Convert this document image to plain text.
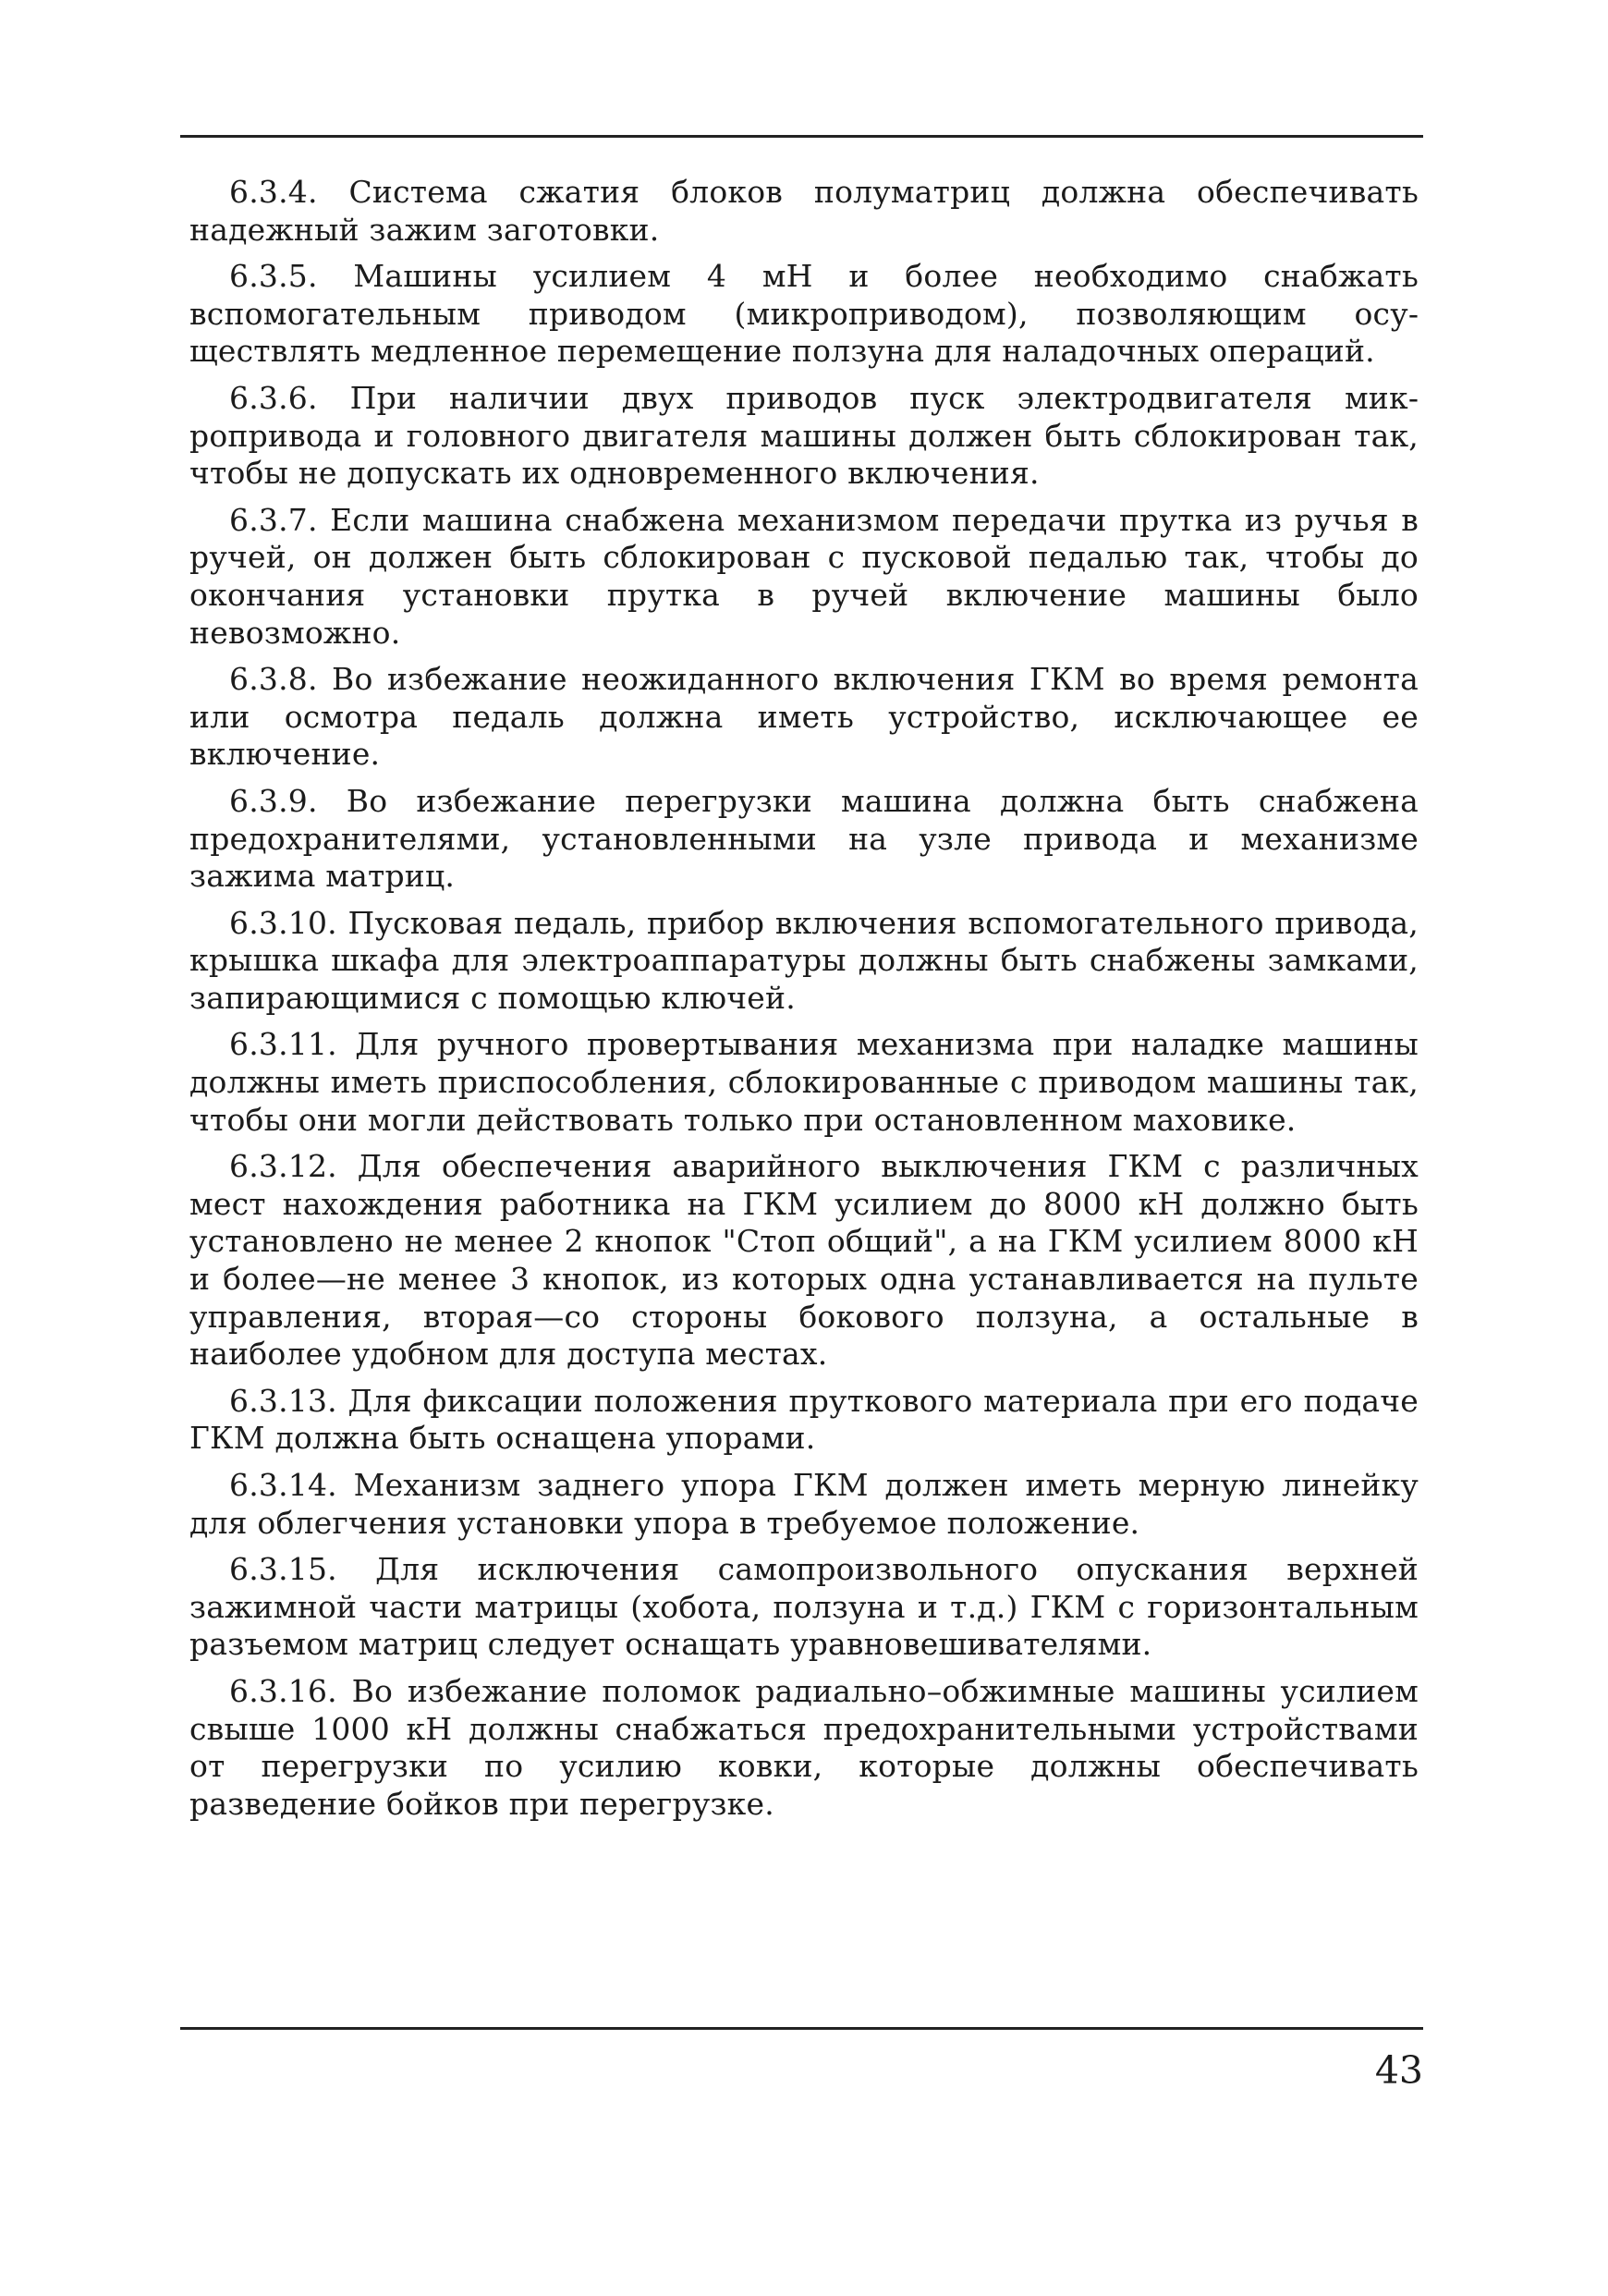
6.3.4. Система сжатия блоков полуматриц должна обеспечивать надежный зажим заготовки.

6.3.5. Машины усилием 4 мН и более необходимо снабжать вспомогательным приводом (микроприводом), позволяющим осуществлять медленное перемещение ползуна для наладочных операций.

6.3.6. При наличии двух приводов пуск электродвигателя микропривода и головного двигателя машины должен быть сблокирован так, чтобы не допускать их одновременного включения.

6.3.7. Если машина снабжена механизмом передачи прутка из ручья в ручей, он должен быть сблокирован с пусковой педалью так, чтобы до окончания установки прутка в ручей включение машины было невозможно.

6.3.8. Во избежание неожиданного включения ГКМ во время ремонта или осмотра педаль должна иметь устройство, исключающее ее включение.

6.3.9. Во избежание перегрузки машина должна быть снабжена предохранителями, установленными на узле привода и механизме зажима матриц.

6.3.10. Пусковая педаль, прибор включения вспомогательного привода, крышка шкафа для электроаппаратуры должны быть снабжены замками, запирающимися с помощью ключей.

6.3.11. Для ручного провертывания механизма при наладке машины должны иметь приспособления, сблокированные с приводом машины так, чтобы они могли действовать только при остановленном маховике.

6.3.12. Для обеспечения аварийного выключения ГКМ с различных мест нахождения работника на ГКМ усилием до 8000 кН должно быть установлено не менее 2 кнопок "Стоп общий", а на ГКМ усилием 8000 кН и более—не менее 3 кнопок, из которых одна устанавливается на пульте управления, вторая—со стороны бокового ползуна, а остальные в наиболее удобном для доступа местах.

6.3.13. Для фиксации положения пруткового материала при его подаче ГКМ должна быть оснащена упорами.

6.3.14. Механизм заднего упора ГКМ должен иметь мерную линейку для облегчения установки упора в требуемое положение.

6.3.15. Для исключения самопроизвольного опускания верхней зажимной части матрицы (хобота, ползуна и т.д.) ГКМ с горизонтальным разъемом матриц следует оснащать уравновешивателями.

6.3.16. Во избежание поломок радиально–обжимные машины усилием свыше 1000 кН должны снабжаться предохранительными устройствами от перегрузки по усилию ковки, которые должны обеспечивать разведение бойков при перегрузке.

43
